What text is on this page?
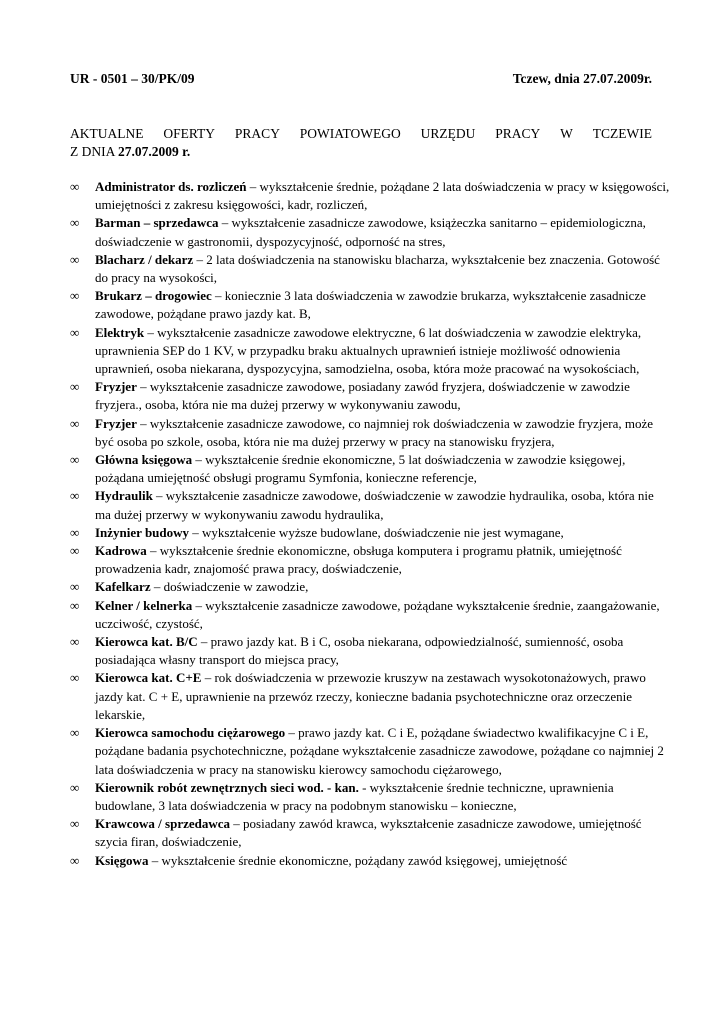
UR - 0501 – 30/PK/09	Tczew, dnia 27.07.2009r.
AKTUALNE OFERTY PRACY POWIATOWEGO URZĘDU PRACY W TCZEWIE
Z DNIA 27.07.2009 r.
∞	Administrator ds. rozliczeń – wykształcenie średnie, pożądane 2 lata doświadczenia w pracy w księgowości, umiejętności z zakresu księgowości, kadr, rozliczeń,
∞	Barman – sprzedawca – wykształcenie zasadnicze zawodowe, książeczka sanitarno – epidemiologiczna, doświadczenie w gastronomii, dyspozycyjność, odporność na stres,
∞	Blacharz / dekarz – 2 lata doświadczenia na stanowisku blacharza, wykształcenie bez znaczenia. Gotowość do pracy na wysokości,
∞	Brukarz – drogowiec – koniecznie 3 lata doświadczenia w zawodzie brukarza, wykształcenie zasadnicze zawodowe, pożądane prawo jazdy kat. B,
∞	Elektryk – wykształcenie zasadnicze zawodowe elektryczne, 6 lat doświadczenia w zawodzie elektryka, uprawnienia SEP do 1 KV, w przypadku braku aktualnych uprawnień istnieje możliwość odnowienia uprawnień, osoba niekarana, dyspozycyjna, samodzielna, osoba, która może pracować na wysokościach,
∞	Fryzjer – wykształcenie zasadnicze zawodowe, posiadany zawód fryzjera, doświadczenie w zawodzie fryzjera., osoba, która nie ma dużej przerwy w wykonywaniu zawodu,
∞	Fryzjer – wykształcenie zasadnicze zawodowe, co najmniej rok doświadczenia w zawodzie fryzjera, może być osoba po szkole, osoba, która nie ma dużej przerwy w pracy na stanowisku fryzjera,
∞	Główna księgowa – wykształcenie średnie ekonomiczne, 5 lat doświadczenia w zawodzie księgowej, pożądana umiejętność obsługi programu Symfonia, konieczne referencje,
∞	Hydraulik – wykształcenie zasadnicze zawodowe, doświadczenie w zawodzie hydraulika, osoba, która nie ma dużej przerwy w wykonywaniu zawodu hydraulika,
∞	Inżynier budowy – wykształcenie wyższe budowlane, doświadczenie nie jest wymagane,
∞	Kadrowa – wykształcenie średnie ekonomiczne, obsługa komputera i programu płatnik, umiejętność prowadzenia kadr, znajomość prawa pracy, doświadczenie,
∞	Kafelkarz – doświadczenie w zawodzie,
∞	Kelner / kelnerka – wykształcenie zasadnicze zawodowe, pożądane wykształcenie średnie, zaangażowanie, uczciwość, czystość,
∞	Kierowca kat. B/C – prawo jazdy kat. B i C, osoba niekarana, odpowiedzialność, sumienność, osoba posiadająca własny transport do miejsca pracy,
∞	Kierowca kat. C+E – rok doświadczenia w przewozie kruszyw na zestawach wysokotonażowych, prawo jazdy kat. C + E, uprawnienie na przewóz rzeczy, konieczne badania psychotechniczne oraz orzeczenie lekarskie,
∞	Kierowca samochodu ciężarowego – prawo jazdy kat. C i E, pożądane świadectwo kwalifikacyjne C i E, pożądane badania psychotechniczne, pożądane wykształcenie zasadnicze zawodowe, pożądane co najmniej 2 lata doświadczenia w pracy na stanowisku kierowcy samochodu ciężarowego,
∞	Kierownik robót zewnętrznych sieci wod. - kan. - wykształcenie średnie techniczne, uprawnienia budowlane, 3 lata doświadczenia w pracy na podobnym stanowisku – konieczne,
∞	Krawcowa / sprzedawca – posiadany zawód krawca, wykształcenie zasadnicze zawodowe, umiejętność szycia firan, doświadczenie,
∞	Księgowa – wykształcenie średnie ekonomiczne, pożądany zawód księgowej, umiejętność
